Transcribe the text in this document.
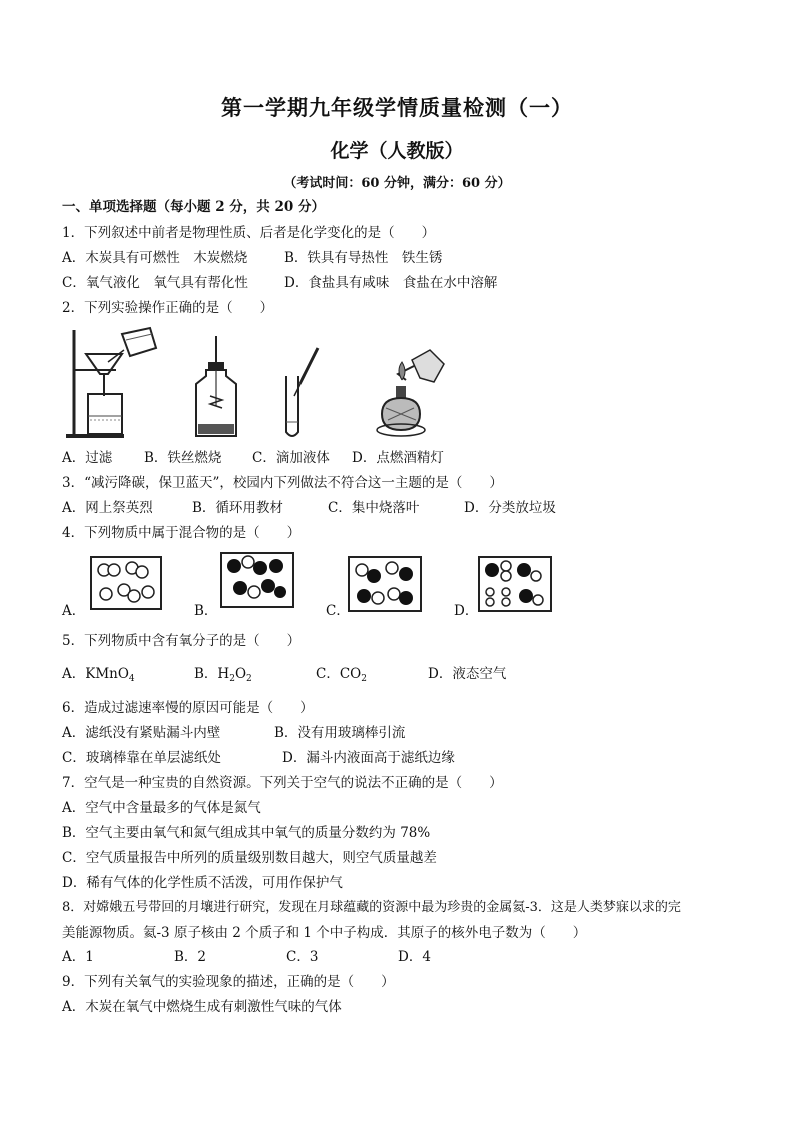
第一学期九年级学情质量检测（一）
化学（人教版）
（考试时间：60 分钟，满分：60 分）
一、单项选择题（每小题 2 分，共 20 分）
1．下列叙述中前者是物理性质、后者是化学变化的是（　　）
A．木炭具有可燃性　木炭燃烧	B．铁具有导热性　铁生锈
C．氧气液化　氧气具有帮化性	D．食盐具有咸味　食盐在水中溶解
2．下列实验操作正确的是（　　）
A．过滤 B．铁丝燃烧 C．滴加液体 D．点燃酒精灯
3．“减污降碳，保卫蓝天”，校园内下列做法不符合这一主题的是（　　）
A．网上祭英烈	B．循环用教材	C．集中烧落叶	D．分类放垃圾
4．下列物质中属于混合物的是（　　）
A．	B．	C．	D．
5．下列物质中含有氧分子的是（　　）
A．KMnO$_4$	B．$H_2O_2$	C．$CO_2$	D．液态空气
6．造成过滤速率慢的原因可能是（　　）
A．滤纸没有紧贴漏斗内壁	B．没有用玻璃棒引流
C．玻璃棒靠在单层滤纸处	D．漏斗内液面高于滤纸边缘
7．空气是一种宝贵的自然资源。下列关于空气的说法不正确的是（　　）
A．空气中含量最多的气体是氮气
B．空气主要由氧气和氮气组成其中氧气的质量分数约为 78%
C．空气质量报告中所列的质量级别数目越大，则空气质量越差
D．稀有气体的化学性质不活泼，可用作保护气
8．对嫦娥五号带回的月壤进行研究，发现在月球蕴藏的资源中最为珍贵的金属氦-3．这是人类梦寐以求的完
美能源物质。氦-3 原子核由 2 个质子和 1 个中子构成．其原子的核外电子数为（　　）
A．1	B．2	C．3	D．4
9．下列有关氧气的实验现象的描述，正确的是（　　）
A．木炭在氧气中燃烧生成有刺激性气味的气体
